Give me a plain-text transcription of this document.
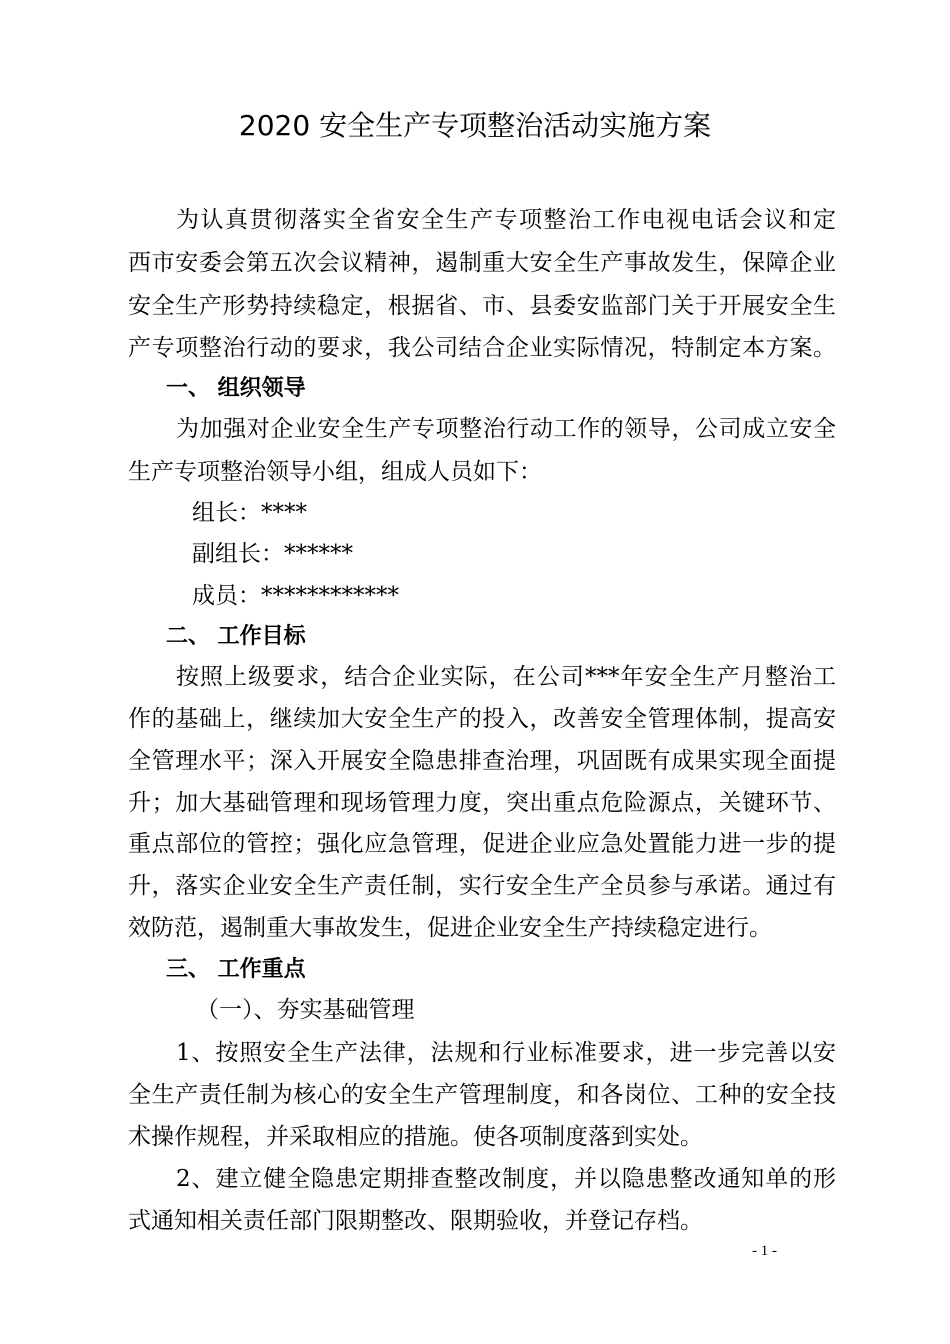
2020 安全生产专项整治活动实施方案

为认真贯彻落实全省安全生产专项整治工作电视电话会议和定

西市安委会第五次会议精神，遏制重大安全生产事故发生，保障企业

安全生产形势持续稳定，根据省、市、县委安监部门关于开展安全生

产专项整治行动的要求，我公司结合企业实际情况，特制定本方案。

一、 组织领导

为加强对企业安全生产专项整治行动工作的领导，公司成立安全

生产专项整治领导小组，组成人员如下：

组长：****

副组长：******

成员：************

二、 工作目标

按照上级要求，结合企业实际，在公司***年安全生产月整治工

作的基础上，继续加大安全生产的投入，改善安全管理体制，提高安

全管理水平；深入开展安全隐患排查治理，巩固既有成果实现全面提

升；加大基础管理和现场管理力度，突出重点危险源点，关键环节、

重点部位的管控；强化应急管理，促进企业应急处置能力进一步的提

升，落实企业安全生产责任制，实行安全生产全员参与承诺。通过有

效防范，遏制重大事故发生，促进企业安全生产持续稳定进行。

三、 工作重点

（一）、夯实基础管理

1、按照安全生产法律，法规和行业标准要求，进一步完善以安

全生产责任制为核心的安全生产管理制度，和各岗位、工种的安全技

术操作规程，并采取相应的措施。使各项制度落到实处。

2、建立健全隐患定期排查整改制度，并以隐患整改通知单的形

式通知相关责任部门限期整改、限期验收，并登记存档。

- 1 -
